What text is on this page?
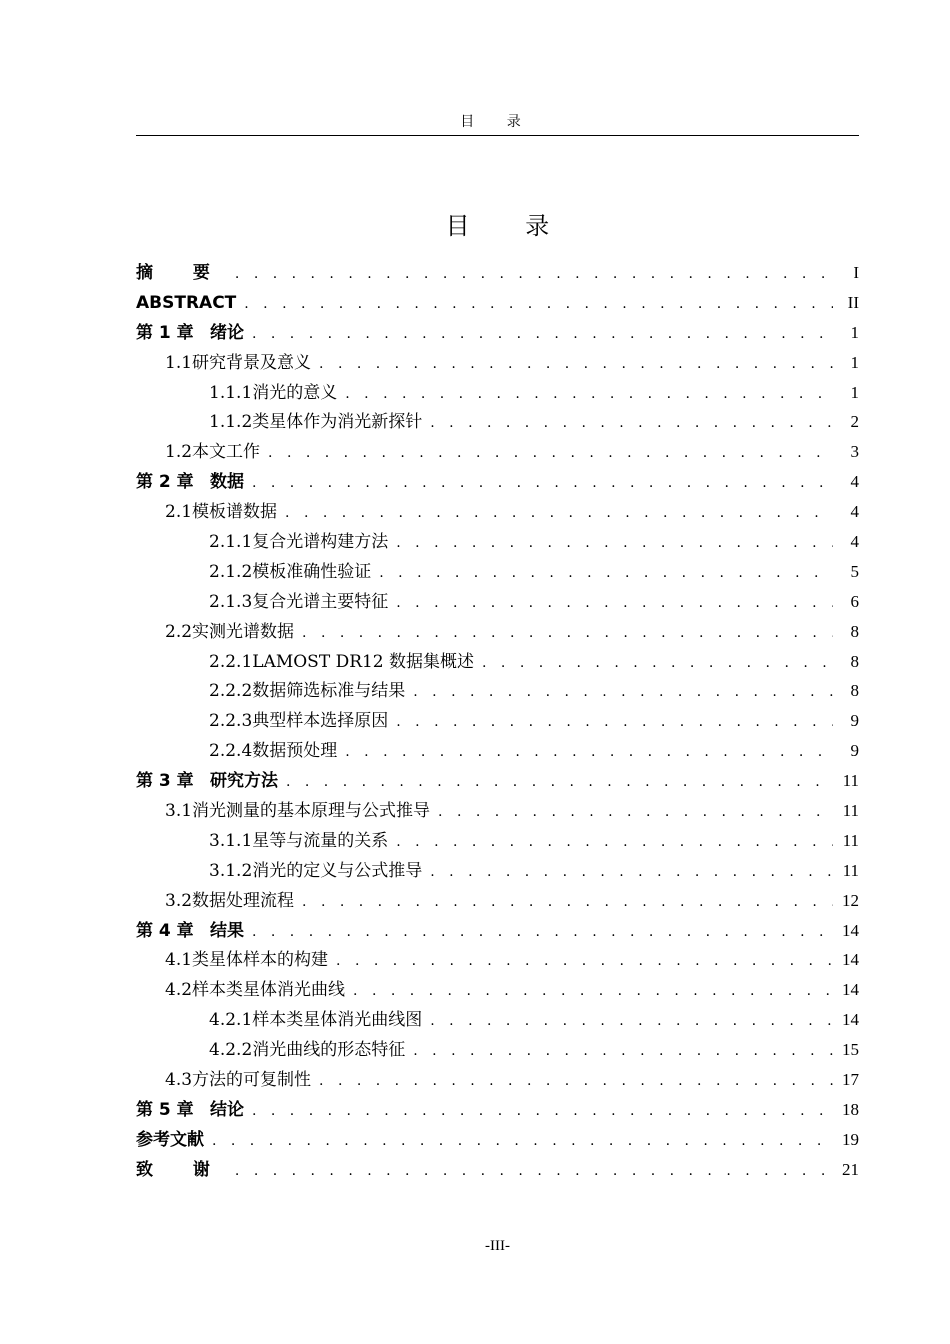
目 录
目 录
摘 要 . . .	I
ABSTRACT . . .	II
第 1 章 绪论 . . .	1
1.1 研究背景及意义 . . .	1
1.1.1 消光的意义 . . .	1
1.1.2 类星体作为消光新探针 . . .	2
1.2 本文工作 . . .	3
第 2 章 数据 . . .	4
2.1 模板谱数据 . . .	4
2.1.1 复合光谱构建方法 . . .	4
2.1.2 模板准确性验证 . . .	5
2.1.3 复合光谱主要特征 . . .	6
2.2 实测光谱数据 . . .	8
2.2.1 LAMOST DR12 数据集概述 . . .	8
2.2.2 数据筛选标准与结果 . . .	8
2.2.3 典型样本选择原因 . . .	9
2.2.4 数据预处理 . . .	9
第 3 章 研究方法 . . .	11
3.1 消光测量的基本原理与公式推导 . . .	11
3.1.1 星等与流量的关系 . . .	11
3.1.2 消光的定义与公式推导 . . .	11
3.2 数据处理流程 . . .	12
第 4 章 结果 . . .	14
4.1 类星体样本的构建 . . .	14
4.2 样本类星体消光曲线 . . .	14
4.2.1 样本类星体消光曲线图 . . .	14
4.2.2 消光曲线的形态特征 . . .	15
4.3 方法的可复制性 . . .	17
第 5 章 结论 . . .	18
参考文献 . . .	19
致 谢 . . .	21
-III-
